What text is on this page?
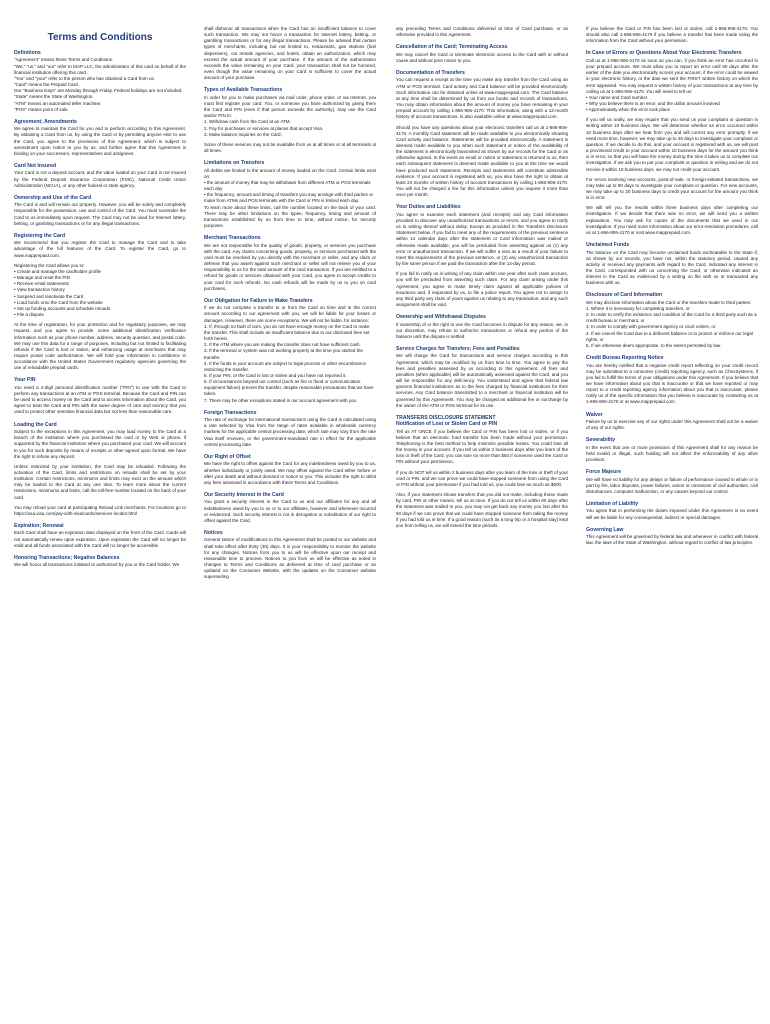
Terms and Conditions
Definitions

"Agreement" means these Terms and Conditions.

"We," "us," and "our" refer to MAP LLC, the administrator of this card on behalf of the financial institution offering this card.

"You" and "your" refer to the person who has obtained a Card from us.

"Card" means the Prepaid Card.

Our "Business Days" are Monday through Friday. Federal holidays are not included.

"State" means the State of Washington.

"ATM" means an automated teller machine.

"POS" means point of sale.

Agreement; Amendments

We agree to maintain the Card for you and to perform according to this Agreement. By obtaining a Card from us, by using the Card or by permitting anyone else to use the Card, you agree to the provisions of this Agreement, which is subject to amendment upon notice to you by us, and further agree that this Agreement is binding on your successors, representatives and assignees.

Card Not Insured

Your Card is not a deposit account, and the value loaded on your Card is not insured by the Federal Deposit Insurance Corporation (FDIC), National Credit Union Administration (NCUA), or any other federal or state agency.

Ownership and Use of the Card

The Card is and will remain our property. However, you will be solely and completely responsible for the possession, use and control of the Card. You must surrender the Card to us immediately upon request. The Card may not be used for Internet lottery, betting, or gambling transactions or for any illegal transactions.

Registering the Card

We recommend that you register the Card to manage the Card and to take advantage of the full features of the Card. To register the Card, go to www.mapprepaid.com.

Registering the Card allows you to:

• Create and manage the cardholder profile
• Manage and reset the PIN
• Receive email statements
• View transaction history
• Suspend and reactivate the Card
• Load funds onto the Card from the website
• Set up funding accounts and schedule reloads
• File a dispute

At the time of registration, for your protection and for regulatory purposes, we may request, and you agree to provide, some additional identification verification information such as your phone number, address, security question, and postal code. We may use this data for a range of purposes, including but not limited to facilitating refunds if the Card is lost or stolen, and enhancing usage at merchants that may require postal code authorization. We will hold your information in confidence in accordance with the United States Government regulatory agencies governing the use of reloadable prepaid cards.

Your PIN

You need a 4-digit personal identification number ("PIN") to use with the Card to perform any transactions at an ATM or POS terminal. Because the Card and PIN can be used to access money on the Card and to access information about the Card, you agree to treat the Card and PIN with the same degree of care and secrecy that you used to protect other sensitive financial data but not less than reasonable care.

Loading the Card

Subject to the exceptions in this Agreement, you may load money to the Card at a branch of the institution where you purchased the card or by Web or phone, if supported by the financial institution where you purchased your card. We will account to you for such deposits by means of receipts or other agreed upon format. We have the right to refuse any deposit.

Unless restricted by your institution, the Card may be reloaded. Following the activation of the Card, limits and restrictions on reloads shall be set by your institution. Certain restrictions, minimums and limits may exist on the amount which may be loaded to the Card at any one time. To learn more about the current restrictions, minimums and limits, call the toll-free number located on the back of your card.

You may reload your card at participating Reload Link merchants. For locations go to https://usa.visa.com/pay-with-visa/cards/services-locator.html

Expiration; Renewal

Each Card shall have an expiration date displayed on the front of the Card. Cards will not automatically renew upon expiration. Upon expiration the Card will no longer be valid and all funds associated with the Card will no longer be accessible.

Honoring Transactions; Negative Balances

We will honor all transactions initiated or authorized by you or the Card holder. We

shall dishonor all transactions when the Card has an insufficient balance to cover such transaction. We may not honor a transaction for Internet lottery, betting, or gambling transactions or for any illegal transactions. Please be advised that certain types of merchants, including but not limited to, restaurants, gas stations (fuel dispensers), car rentals agencies, and hotels, obtain an authorization, which may exceed the actual amount of your purchase. If the amount of the authorization exceeds the value remaining on your Card, your transaction shall not be honored, even though the value remaining on your Card is sufficient to cover the actual amount of your purchase.

Types of Available Transactions

In order for you to make purchases via mail order, phone order, or via Internet, you must first register your card. You, or someone you have authorized by giving them the Card and PIN (even if that person exceeds the authority), may use the Card and/or PIN to:

1. Withdraw cash from the Card at an ATM.
2. Pay for purchases or services at places that accept Visa.
3. Make balance inquiries on the Card.

Some of these services may not be available from us at all times or at all terminals at all times.

Limitations on Transfers

All debits are limited to the amount of money loaded on the Card. Certain limits exist on:

• the amount of money that may be withdrawn from different ATM or POS terminals each day
• the frequency, amount and timing of transfers you may arrange with third parties or make from ATMs and POS terminals with the Card or PIN is limited each day.

To learn more about these limits, call the number located on the back of your card. There may be other limitations on the types, frequency, timing and amount of transactions established by us from time to time, without notice, for security purposes.

Merchant Transactions

We are not responsible for the quality of goods, property, or services you purchase with the card. Any claims concerning goods, property, or services purchased with the card must be resolved by you directly with the merchant or seller, and any claim or defense that you assert against such merchant or seller will not relieve you of your responsibility to us for the total amount of the card transaction. If you are entitled to a refund for goods or services obtained with your Card, you agree to accept credits to your card for such refunds. No cash refunds will be made by us to you on card purchases.

Our Obligation for Failure to Make Transfers

If we do not complete a transfer to or from the Card on time and in the correct amount according to our agreement with you, we will be liable for your losses or damages. However, there are some exceptions. We will not be liable, for instance:

1. If, through no fault of ours, you do not have enough money on the Card to make the transfer. This shall include an insufficient balance due to our disclosed fees set forth herein.
2. If the ATM where you are making the transfer does not have sufficient cash.
3. If the terminal or system was not working properly at the time you started the transfer.
4. If the funds in your account are subject to legal process or other encumbrance restricting the transfer.
5. If your PIN, or the Card is lost or stolen and you have not reported it.
6. If circumstances beyond our control (such as fire or flood or communication equipment failure) prevent the transfer, despite reasonable precautions that we have taken.
7. There may be other exceptions stated in our account agreement with you.
Foreign Transactions

The rate of exchange for international transactions using the Card is calculated using a rate selected by Visa from the range of rates available in wholesale currency markets for the applicable central processing date, which rate may vary from the rate Visa itself receives, or the government-mandated rate in effect for the applicable central processing date.

Our Right of Offset

We have the right to offset against the Card for any indebtedness owed by you to us, whether individually or jointly owed. We may offset against the Card either before or after your death and without demand or notice to you. This includes the right to debit any fees assessed in accordance with these Terms and Conditions.

Our Security Interest in the Card

You grant a security interest in the Card to us and our affiliates for any and all indebtedness owed by you to us or to our affiliates, however and whenever incurred or evidenced. Such security interest is not in derogation or substitution of our right to offset against the Card.

Notices

General Notice of modifications to this Agreement shall be posted to our website and shall take effect after thirty (30) days. It is your responsibility to monitor the website for any changes. Notices from you to us will be effective upon our receipt and reasonable time to process. Notices to you from us will be effective as noted in changes to Terms and Conditions as delivered at time of card purchase or as updated on the Consumer Website, with the updates on the Consumer website superseding

any preceding Terms and Conditions delivered at time of Card purchase, or as otherwise provided in this Agreement.

Cancellation of the Card; Terminating Access

We may cancel the Card or terminate electronic access to the Card with or without cause and without prior notice to you.

Documentation of Transfers

You can request a receipt at the time you make any transfer from the Card using an ATM or POS terminal. Card activity and Card balance will be provided electronically. Such information can be obtained online at www.mapprepaid.com. The Card balance at any time shall be determined by us from our books and records of transactions. You may obtain information about the amount of money you have remaining in your prepaid account by calling 1-866-906-4170. This information, along with a 12-month history of account transactions, is also available online at www.mapprepaid.com.

Should you have any questions about your electronic transfers call us at 1-866-906-4170. A monthly Card statement will be made available to you electronically showing Card activity and balance. Statements will be provided electronically. A statement is deemed made available to you when such statement or notice of the availability of the statement is electronically transmitted as shown by our records for the Card or as otherwise agreed. In the event an email or notice or statement is returned to us, then each subsequent statement is deemed made available to you at the time we would have produced such statement. Receipts and statements will constitute admissible evidence. If your account is registered with us, you also have the right to obtain at least 24 months of written history of account transactions by calling 1-866-906-4170. You will not be charged a fee for this information unless you request it more than once per month.

Your Duties and Liabilities

You agree to examine each statement (and receipts) and any Card information provided to discover any unauthorized transactions or errors, and you agree to notify us in writing thereof without delay. Except as provided in the Transfers Disclosure Statement below. If you fail to meet any of the requirements of the previous sentence within 14 calendar days after the statement or Card information was mailed or otherwise made available, you will be precluded from asserting against us (1) any error or unauthorized transaction. If we will suffer a loss as a result of your failure to meet the requirements of the previous sentence, or (2) any unauthorized transaction by the same person if we paid the transaction after the 14-day period.

If you fail to notify us in writing of any claim within one year after such claim accrues, you will be precluded from asserting such claim. For any claim arising under this Agreement, you agree to make timely claim against all applicable policies of insurance and, if requested by us, to file a police report. You agree not to assign to any third party any claim of yours against us relating to any transaction, and any such assignment shall be void.

Ownership and Withdrawal Disputes

If ownership of or the right to use the Card becomes in dispute for any reason, we, in our discretion, may refuse to authorize transactions or refund any portion of the balance until the dispute is settled.

Service Charges for Transfers; Fees and Penalties

We will charge the Card for transactions and service charges according to this Agreement, which may be modified by us from time to time. You agree to pay the fees and penalties assessed by us according to this Agreement. All fees and penalties (when applicable) will be automatically assessed against the Card, and you will be responsible for any deficiency. You understand and agree that federal law governs financial institutions as to the fees charged by financial institutions for their services. Any Card balance transmitted to a merchant or financial institution will be governed by this Agreement. You may be charged an additional fee or surcharge by the owner of the ATM or POS terminal for its use.

TRANSFERS DISCLOSURE STATEMENT
Notification of Lost or Stolen Card or PIN

Tell us AT ONCE if you believe the Card or PIN has been lost or stolen, or if you believe that an electronic fund transfer has been made without your permission. Telephoning is the best method to help minimize possible losses. You could lose all the money in your account. If you tell us within 2 business days after you learn of the loss or theft of the Card, you can lose no more than $50 if someone used the Card or PIN without your permission.

If you do NOT tell us within 2 business days after you learn of the loss or theft of your card or PIN, and we can prove we could have stopped someone from using the Card or PIN without your permission if you had told us, you could lose as much as $500.

Also, if your statement shows transfers that you did not make, including those made by card, PIN or other means, tell us at once. If you do not tell us within 60 days after the statement was mailed to you, you may not get back any money you lost after the 60 days if we can prove that we could have stopped someone from taking the money if you had told us in time. If a good reason (such as a long trip or a hospital stay) kept you from telling us, we will extend the time periods.

If you believe the Card or PIN has been lost or stolen, call 1-866-906-4170. You should also call 1-866-906-4170 if you believe a transfer has been made using the information from the Card without your permission.

In Case of Errors or Questions About Your Electronic Transfers

Call us at 1-866-906-4170 as soon as you can, if you think an error has occurred in your prepaid account. We must allow you to report an error until 60 days after the earlier of the date you electronically access your account, if the error could be viewed in your electronic history, or the date we sent the FIRST written history on which the error appeared. You may request a written history of your transactions at any time by calling us at 1-866-906-4170. You will need to tell us:

• Your name and Card number
• Why you believe there is an error, and the dollar amount involved
• Approximately when the error took place

If you tell us orally, we may require that you send us your complaint or question in writing within 10 business days. We will determine whether an error occurred within 10 business days after we hear from you and will correct any error promptly. If we need more time, however, we may take up to 45 days to investigate your complaint or question. If we decide to do this, and your account is registered with us, we will post a provisional credit to your account within 10 business days for the amount you think is in error, so that you will have the money during the time it takes us to complete our investigation. If we ask you to put your complaint or question in writing and we do not receive it within 10 business days, we may not credit your account.

For errors involving new accounts, point-of-sale, or foreign-initiated transactions, we may take up to 90 days to investigate your complaint or question. For new accounts, we may take up to 20 business days to credit your account for the amount you think is in error.

We will tell you the results within three business days after completing our investigation. If we decide that there was no error, we will send you a written explanation. You may ask for copies of the documents that we used in our investigation. If you need more information about our error-resolution procedures, call us at 1-866-906-4170 or visit www.mapprepaid.com.

Unclaimed Funds

The balance on the Card may become unclaimed funds escheatable to the State if, as shown by our records, you have not, within the statutory period, caused any activity or received any payments with regard to the Card, indicated any interest in the Card, corresponded with us concerning the Card, or otherwise indicated an interest in the Card as evidenced by a writing on file with us or transacted any business with us.

Disclosure of Card Information

We may disclose information about the Card or the transfers made to third parties:

1. Where it is necessary for completing transfers, or
2. In order to verify the existence and condition of the Card for a third party such as a credit bureau or merchant, or
3. In order to comply with government agency or court orders, or
4. If we cancel the Card due to a deficient balance or to protect or enforce our legal rights, or
5. If we otherwise deem appropriate, to the extent permitted by law.
Credit Bureau Reporting Notice

You are hereby notified that a negative credit report reflecting on your credit record may be submitted to a consumer (credit) reporting agency, such as ChexSystems, if you fail to fulfill the terms of your obligations under this Agreement. If you believe that we have information about you that is inaccurate or that we have reported or may report to a credit reporting agency information about you that is inaccurate, please notify us of the specific information that you believe is inaccurate by contacting us at 1-866-906-4170 or at www.mapprepaid.com.

Waiver

Failure by us to exercise any of our rights under this Agreement shall not be a waiver of any of our rights.

Severability

In the event that one or more provisions of this Agreement shall for any reason be held invalid or illegal, such holding will not affect the enforceability of any other provision.

Force Majeure

We will have no liability for any delays or failure of performance caused in whole or in part by fire, labor disputes, power failures, action or omissions of civil authorities, civil disturbances, computer malfunction, or any causes beyond our control.

Limitation of Liability

You agree that in performing the duties imposed under this Agreement in no event will we be liable for any consequential, indirect or special damages.

Governing Law

This Agreement will be governed by federal law and whenever in conflict with federal law, the laws of the State of Washington, without regard to conflict of law principles.
